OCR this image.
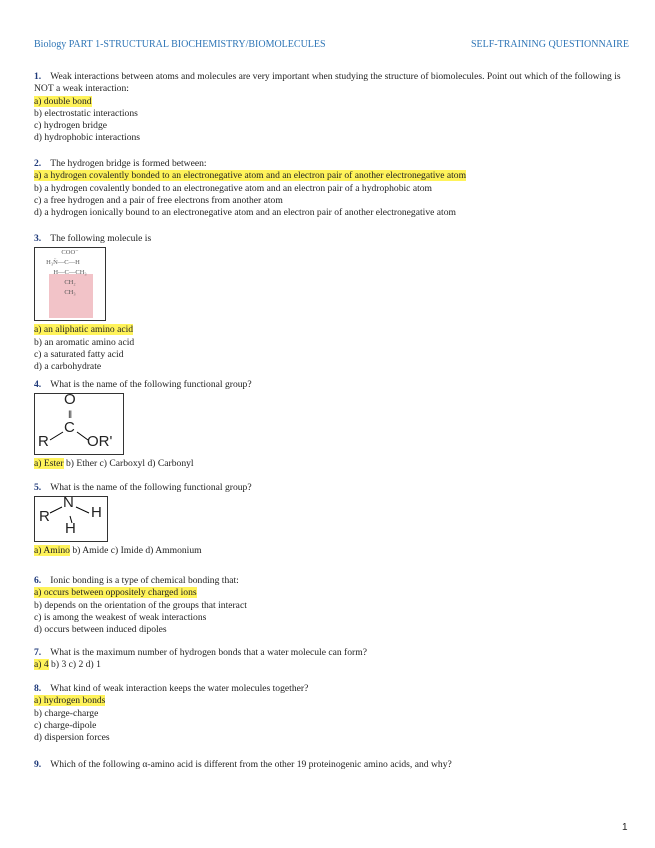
Biology PART 1-STRUCTURAL BIOCHEMISTRY/BIOMOLECULES	SELF-TRAINING QUESTIONNAIRE
1. Weak interactions between atoms and molecules are very important when studying the structure of biomolecules. Point out which of the following is NOT a weak interaction:
a) double bond
b) electrostatic interactions
c) hydrogen bridge
d) hydrophobic interactions
2. The hydrogen bridge is formed between:
a) a hydrogen covalently bonded to an electronegative atom and an electron pair of another electronegative atom
b) a hydrogen covalently bonded to an electronegative atom and an electron pair of a hydrophobic atom
c) a free hydrogen and a pair of free electrons from another atom
d) a hydrogen ionically bound to an electronegative atom and an electron pair of another electronegative atom
3. The following molecule is
COO⁻
H₃N̈—C—H
H—C—CH₃
CH₂
CH₃
a) an aliphatic amino acid
b) an aromatic amino acid
c) a saturated fatty acid
d) a carbohydrate
4. What is the name of the following functional group?
O
‖
C
R	OR'
a) Ester b) Ether c) Carboxyl d) Carbonyl
5. What is the name of the following functional group?
R
N
H
H
a) Amino b) Amide c) Imide d) Ammonium
6. Ionic bonding is a type of chemical bonding that:
a) occurs between oppositely charged ions
b) depends on the orientation of the groups that interact
c) is among the weakest of weak interactions
d) occurs between induced dipoles
7. What is the maximum number of hydrogen bonds that a water molecule can form?
a) 4 b) 3 c) 2 d) 1
8. What kind of weak interaction keeps the water molecules together?
a) hydrogen bonds
b) charge-charge
c) charge-dipole
d) dispersion forces
9. Which of the following α-amino acid is different from the other 19 proteinogenic amino acids, and why?
1
